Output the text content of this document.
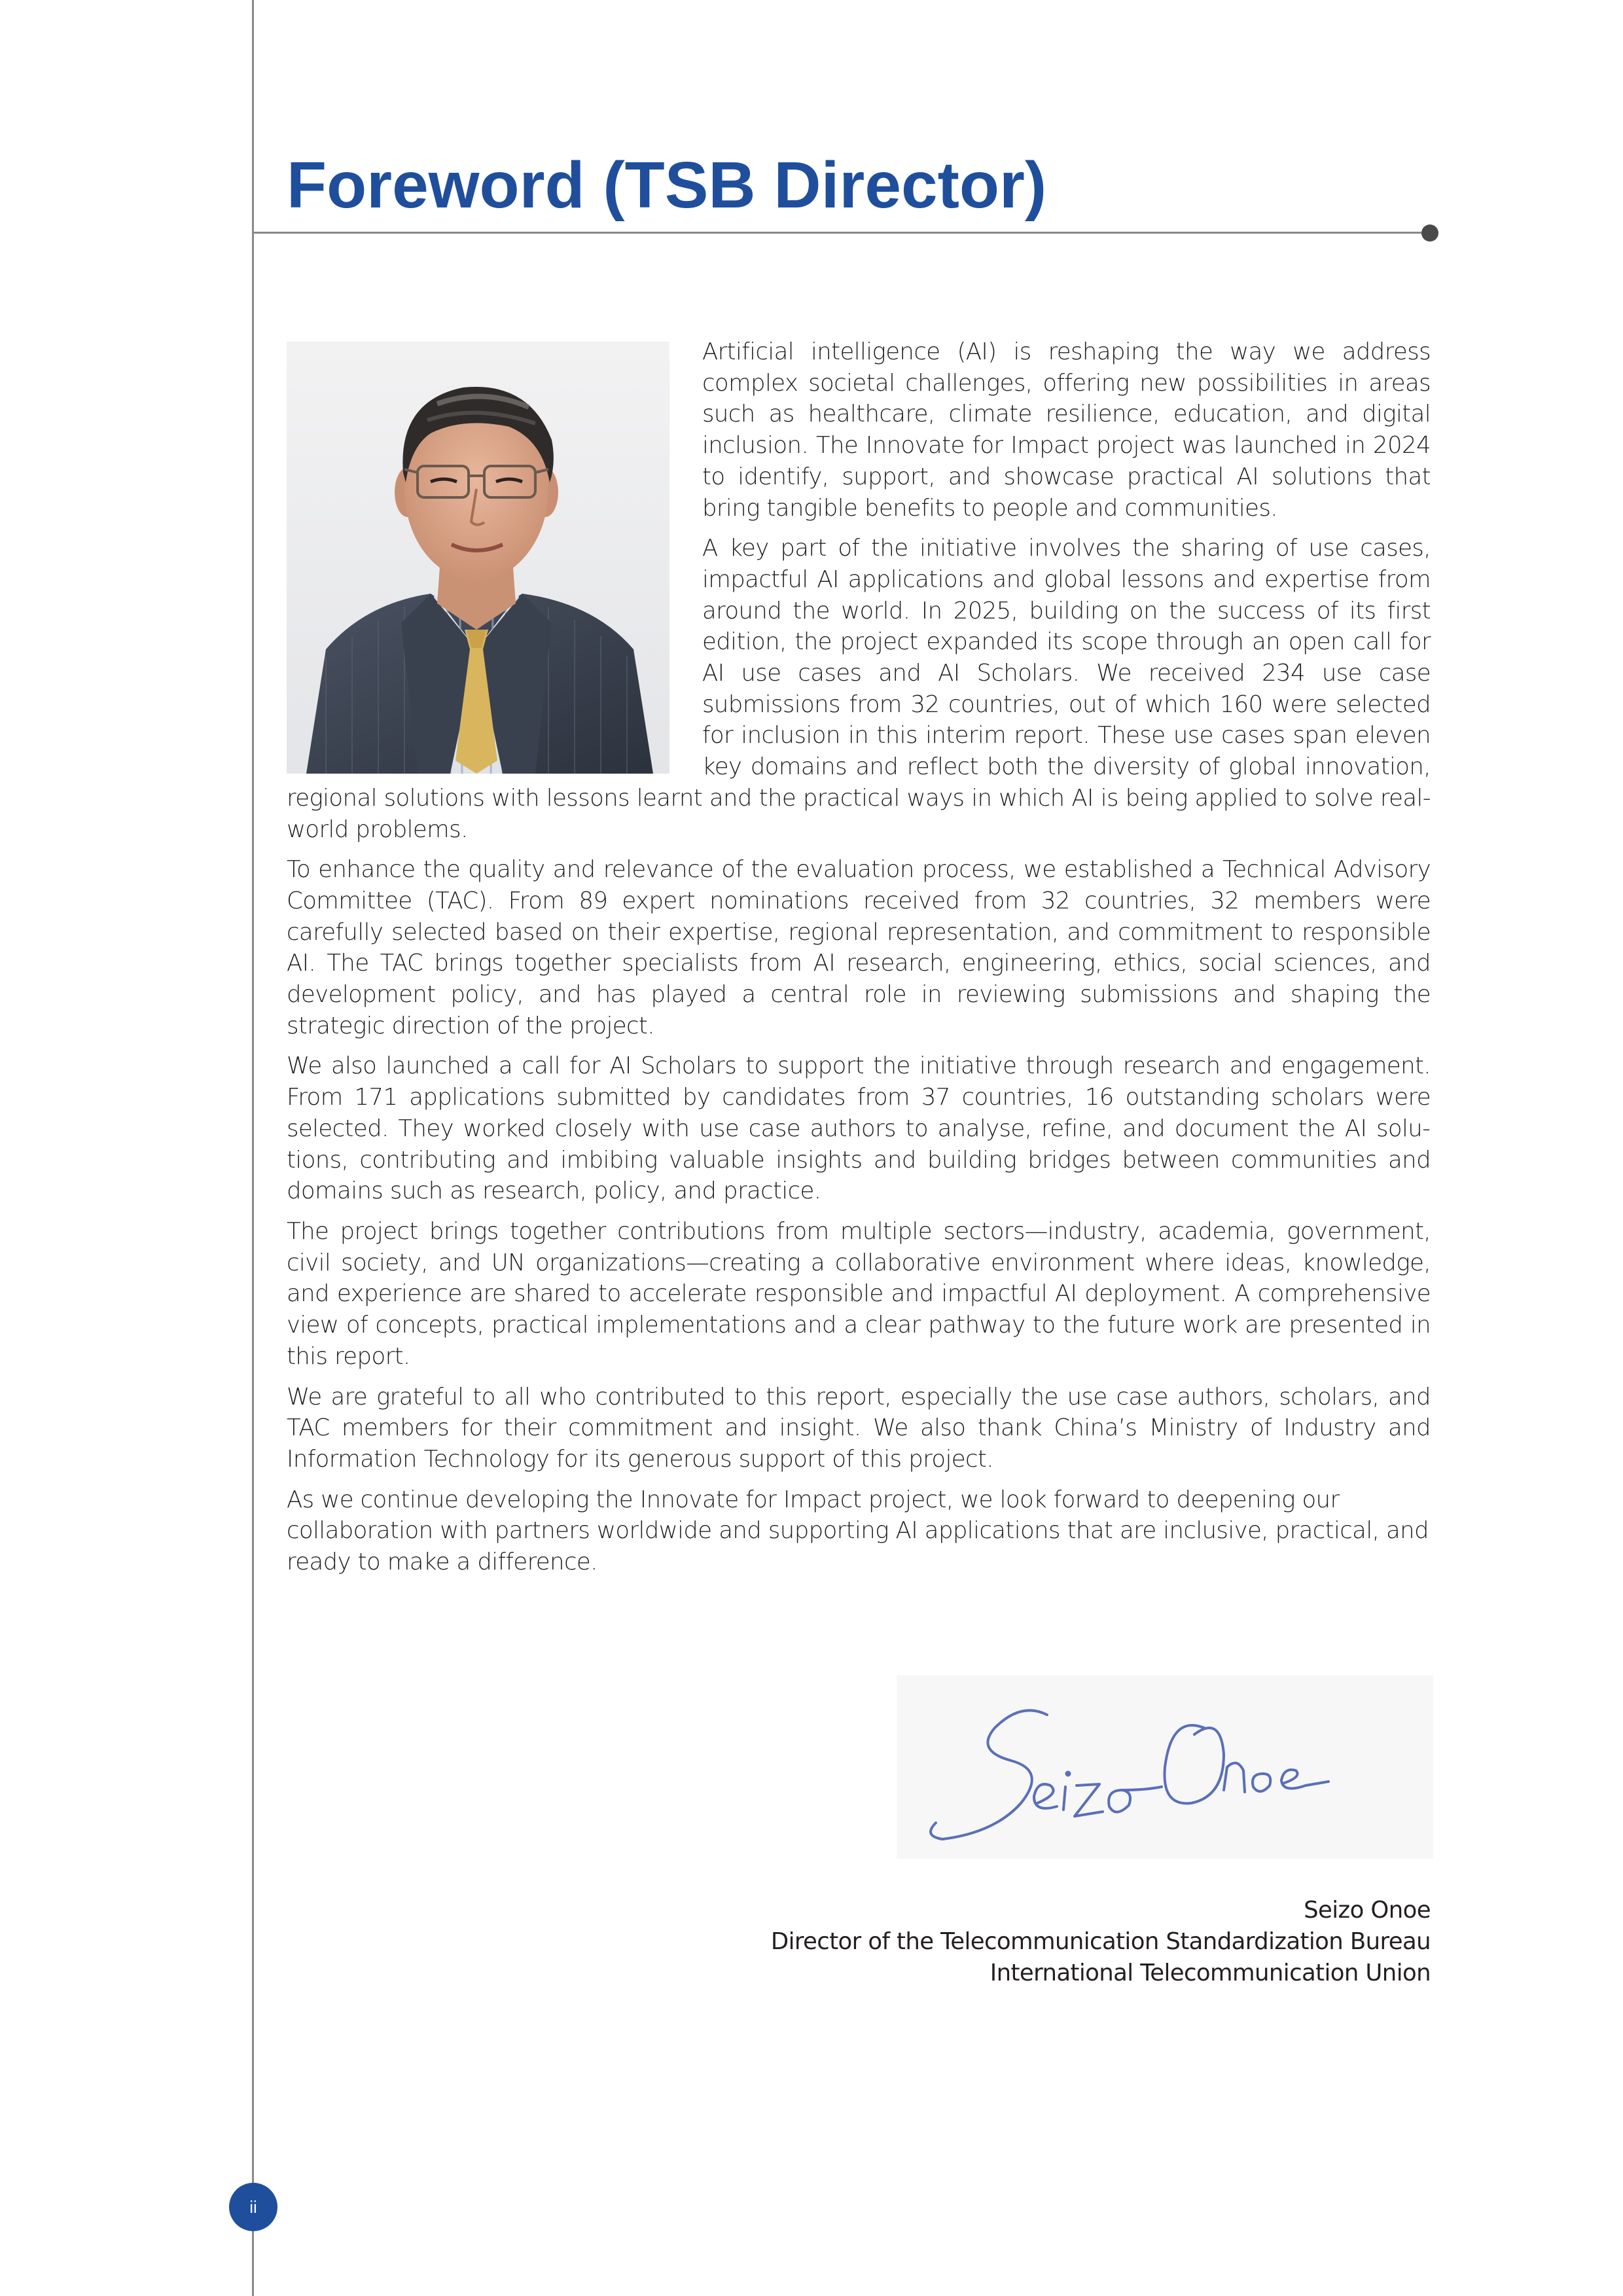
Foreword (TSB Director)

Artificial intelligence (AI) is reshaping the way we address complex societal challenges, offering new possibilities in areas such as healthcare, climate resilience, education, and digital inclusion. The Innovate for Impact project was launched in 2024 to identify, support, and showcase practical AI solutions that bring tangible benefits to people and communities.

A key part of the initiative involves the sharing of use cases, impactful AI applications and global lessons and expertise from around the world. In 2025, building on the success of its first edition, the project expanded its scope through an open call for AI use cases and AI Scholars. We received 234 use case submissions from 32 countries, out of which 160 were selected for inclusion in this interim report. These use cases span eleven key domains and reflect both the diversity of global innovation, regional solutions with lessons learnt and the practical ways in which AI is being applied to solve real-world problems.

To enhance the quality and relevance of the evaluation process, we established a Technical Advisory Committee (TAC). From 89 expert nominations received from 32 countries, 32 members were carefully selected based on their expertise, regional representation, and commitment to responsible AI. The TAC brings together specialists from AI research, engineering, ethics, social sciences, and development policy, and has played a central role in reviewing submissions and shaping the strategic direction of the project.

We also launched a call for AI Scholars to support the initiative through research and engagement. From 171 applications submitted by candidates from 37 countries, 16 outstanding scholars were selected. They worked closely with use case authors to analyse, refine, and document the AI solutions, contributing and imbibing valuable insights and building bridges between communities and domains such as research, policy, and practice.

The project brings together contributions from multiple sectors—industry, academia, government, civil society, and UN organizations—creating a collaborative environment where ideas, knowledge, and experience are shared to accelerate responsible and impactful AI deployment. A comprehensive view of concepts, practical implementations and a clear pathway to the future work are presented in this report.

We are grateful to all who contributed to this report, especially the use case authors, scholars, and TAC members for their commitment and insight. We also thank China’s Ministry of Industry and Information Technology for its generous support of this project.

As we continue developing the Innovate for Impact project, we look forward to deepening our collaboration with partners worldwide and supporting AI applications that are inclusive, practical, and ready to make a difference.

Seizo Onoe
Director of the Telecommunication Standardization Bureau
International Telecommunication Union
ii
